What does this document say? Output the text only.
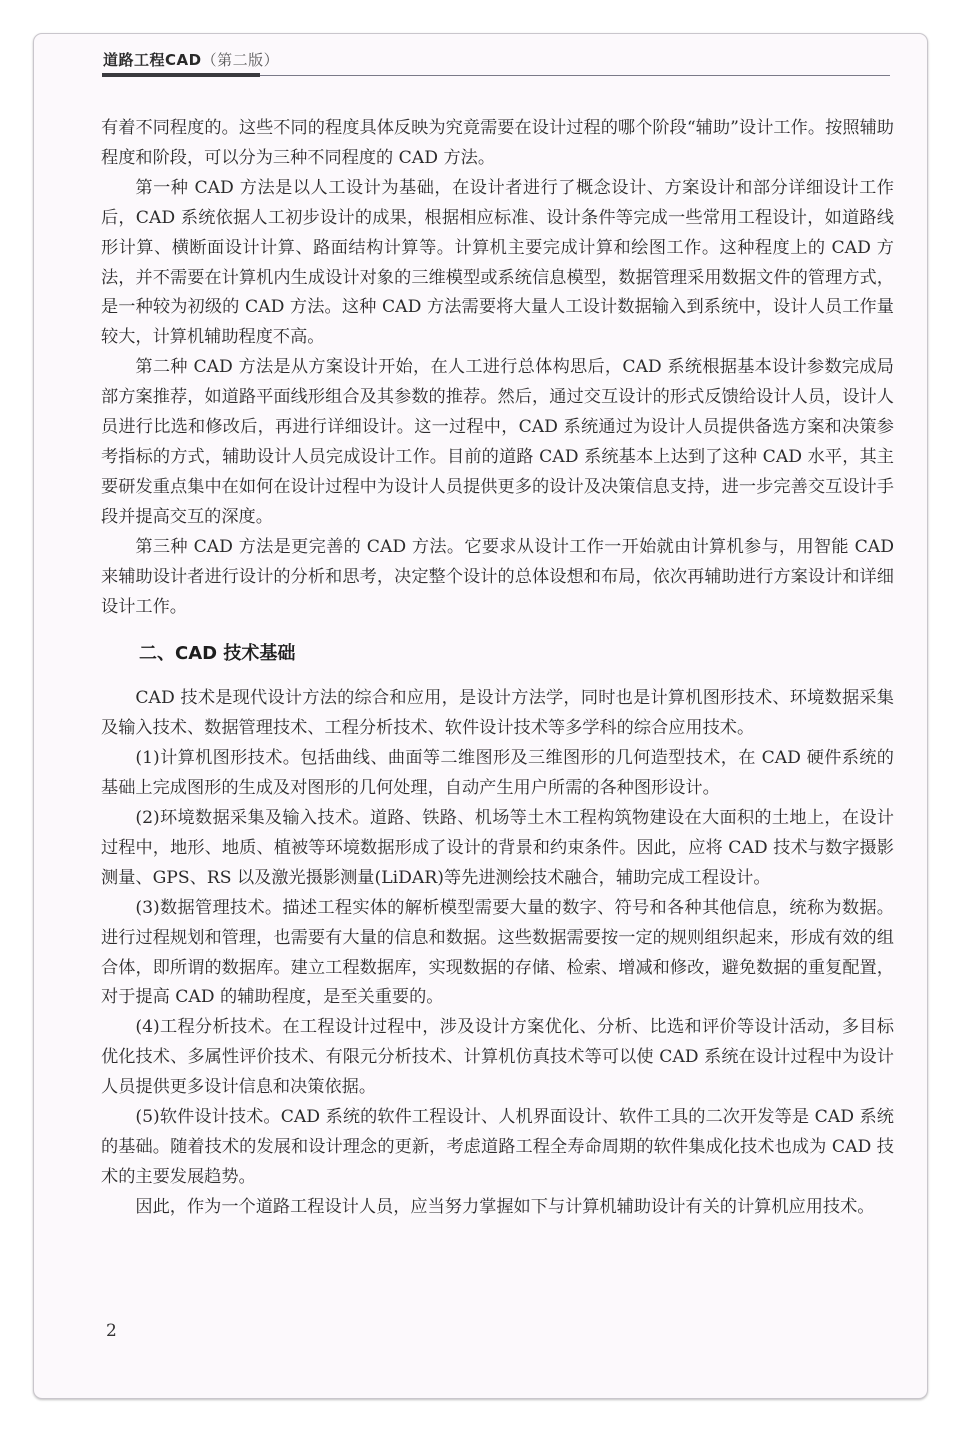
道路工程CAD（第二版）

有着不同程度的。这些不同的程度具体反映为究竟需要在设计过程的哪个阶段“辅助”设计工作。按照辅助程度和阶段，可以分为三种不同程度的 CAD 方法。

第一种 CAD 方法是以人工设计为基础，在设计者进行了概念设计、方案设计和部分详细设计工作后，CAD 系统依据人工初步设计的成果，根据相应标准、设计条件等完成一些常用工程设计，如道路线形计算、横断面设计计算、路面结构计算等。计算机主要完成计算和绘图工作。这种程度上的 CAD 方法，并不需要在计算机内生成设计对象的三维模型或系统信息模型，数据管理采用数据文件的管理方式，是一种较为初级的 CAD 方法。这种 CAD 方法需要将大量人工设计数据输入到系统中，设计人员工作量较大，计算机辅助程度不高。

第二种 CAD 方法是从方案设计开始，在人工进行总体构思后，CAD 系统根据基本设计参数完成局部方案推荐，如道路平面线形组合及其参数的推荐。然后，通过交互设计的形式反馈给设计人员，设计人员进行比选和修改后，再进行详细设计。这一过程中，CAD 系统通过为设计人员提供备选方案和决策参考指标的方式，辅助设计人员完成设计工作。目前的道路 CAD 系统基本上达到了这种 CAD 水平，其主要研发重点集中在如何在设计过程中为设计人员提供更多的设计及决策信息支持，进一步完善交互设计手段并提高交互的深度。

第三种 CAD 方法是更完善的 CAD 方法。它要求从设计工作一开始就由计算机参与，用智能 CAD 来辅助设计者进行设计的分析和思考，决定整个设计的总体设想和布局，依次再辅助进行方案设计和详细设计工作。

二、CAD 技术基础

CAD 技术是现代设计方法的综合和应用，是设计方法学，同时也是计算机图形技术、环境数据采集及输入技术、数据管理技术、工程分析技术、软件设计技术等多学科的综合应用技术。

(1)计算机图形技术。包括曲线、曲面等二维图形及三维图形的几何造型技术，在 CAD 硬件系统的基础上完成图形的生成及对图形的几何处理，自动产生用户所需的各种图形设计。

(2)环境数据采集及输入技术。道路、铁路、机场等土木工程构筑物建设在大面积的土地上，在设计过程中，地形、地质、植被等环境数据形成了设计的背景和约束条件。因此，应将 CAD 技术与数字摄影测量、GPS、RS 以及激光摄影测量(LiDAR)等先进测绘技术融合，辅助完成工程设计。

(3)数据管理技术。描述工程实体的解析模型需要大量的数字、符号和各种其他信息，统称为数据。进行过程规划和管理，也需要有大量的信息和数据。这些数据需要按一定的规则组织起来，形成有效的组合体，即所谓的数据库。建立工程数据库，实现数据的存储、检索、增减和修改，避免数据的重复配置，对于提高 CAD 的辅助程度，是至关重要的。

(4)工程分析技术。在工程设计过程中，涉及设计方案优化、分析、比选和评价等设计活动，多目标优化技术、多属性评价技术、有限元分析技术、计算机仿真技术等可以使 CAD 系统在设计过程中为设计人员提供更多设计信息和决策依据。

(5)软件设计技术。CAD 系统的软件工程设计、人机界面设计、软件工具的二次开发等是 CAD 系统的基础。随着技术的发展和设计理念的更新，考虑道路工程全寿命周期的软件集成化技术也成为 CAD 技术的主要发展趋势。

因此，作为一个道路工程设计人员，应当努力掌握如下与计算机辅助设计有关的计算机应用技术。

2
